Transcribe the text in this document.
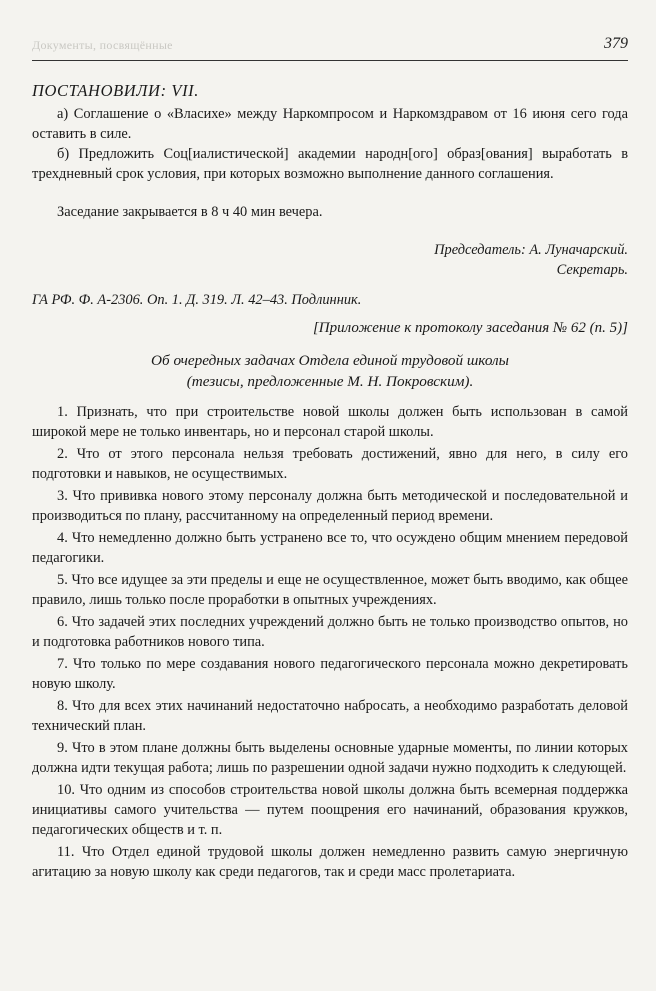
Документы, посвящённые	379
ПОСТАНОВИЛИ: VII.

а) Соглашение о «Власихе» между Наркомпросом и Наркомздравом от 16 июня сего года оставить в силе.

б) Предложить Соц[иалистической] академии народн[ого] образ[ования] выработать в трехдневный срок условия, при которых возможно выполнение данного соглашения.

Заседание закрывается в 8 ч 40 мин вечера.

Председатель: А. Луначарский.
Секретарь.
ГА РФ. Ф. А-2306. Оп. 1. Д. 319. Л. 42–43. Подлинник.
[Приложение к протоколу заседания № 62 (п. 5)]
Об очередных задачах Отдела единой трудовой школы
(тезисы, предложенные М. Н. Покровским).

1. Признать, что при строительстве новой школы должен быть использован в самой широкой мере не только инвентарь, но и персонал старой школы.

2. Что от этого персонала нельзя требовать достижений, явно для него, в силу его подготовки и навыков, не осуществимых.

3. Что прививка нового этому персоналу должна быть методической и последовательной и производиться по плану, рассчитанному на определенный период времени.

4. Что немедленно должно быть устранено все то, что осуждено общим мнением передовой педагогики.

5. Что все идущее за эти пределы и еще не осуществленное, может быть вводимо, как общее правило, лишь только после проработки в опытных учреждениях.

6. Что задачей этих последних учреждений должно быть не только производство опытов, но и подготовка работников нового типа.

7. Что только по мере создавания нового педагогического персонала можно декретировать новую школу.

8. Что для всех этих начинаний недостаточно набросать, а необходимо разработать деловой технический план.

9. Что в этом плане должны быть выделены основные ударные моменты, по линии которых должна идти текущая работа; лишь по разрешении одной задачи нужно подходить к следующей.

10. Что одним из способов строительства новой школы должна быть всемерная поддержка инициативы самого учительства — путем поощрения его начинаний, образования кружков, педагогических обществ и т. п.

11. Что Отдел единой трудовой школы должен немедленно развить самую энергичную агитацию за новую школу как среди педагогов, так и среди масс пролетариата.
